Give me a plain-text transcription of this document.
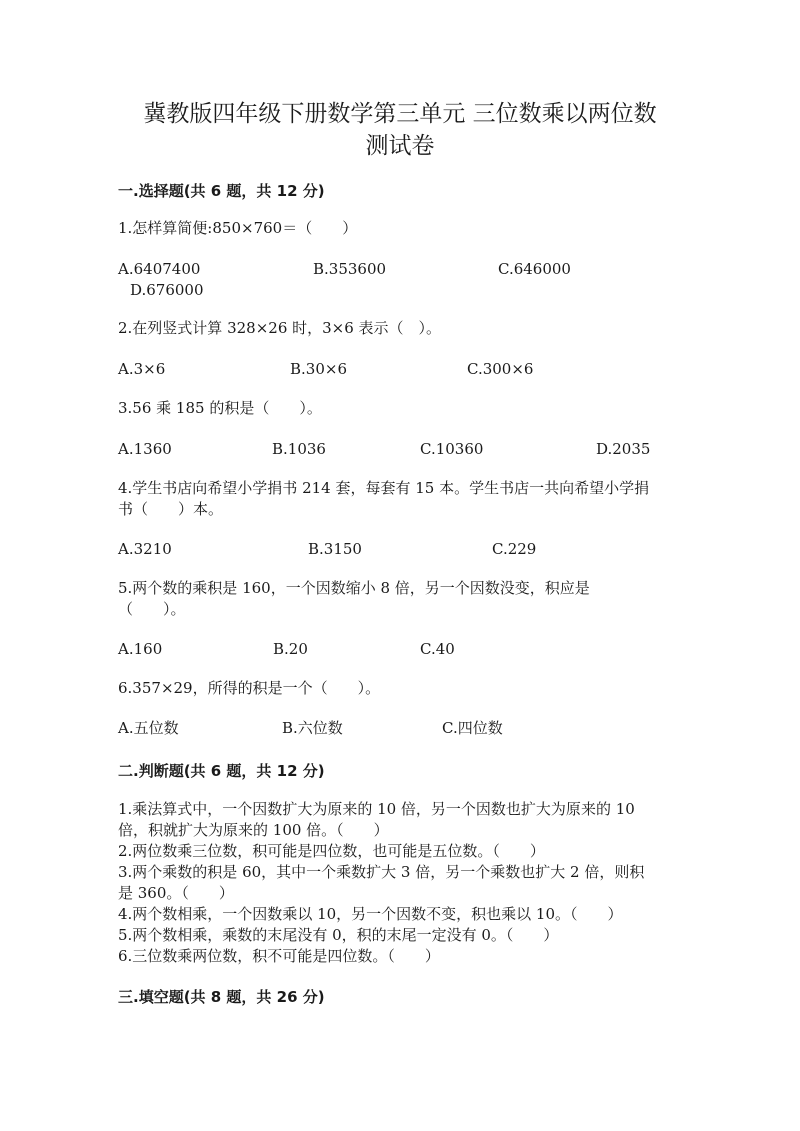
冀教版四年级下册数学第三单元 三位数乘以两位数
测试卷
一.选择题(共 6 题，共 12 分)
1.怎样算简便:850×760＝（　　）
A.6407400	B.353600	C.646000
D.676000
2.在列竖式计算 328×26 时，3×6 表示（　）。
A.3×6	B.30×6	C.300×6
3.56 乘 185 的积是（　　）。
A.1360	B.1036	C.10360	D.2035
4.学生书店向希望小学捐书 214 套，每套有 15 本。学生书店一共向希望小学捐
书（　　）本。
A.3210	B.3150	C.229
5.两个数的乘积是 160，一个因数缩小 8 倍，另一个因数没变，积应是
（　　）。
A.160	B.20	C.40
6.357×29，所得的积是一个（　　）。
A.五位数	B.六位数	C.四位数
二.判断题(共 6 题，共 12 分)
1.乘法算式中，一个因数扩大为原来的 10 倍，另一个因数也扩大为原来的 10
倍，积就扩大为原来的 100 倍。（　　）
2.两位数乘三位数，积可能是四位数，也可能是五位数。（　　）
3.两个乘数的积是 60，其中一个乘数扩大 3 倍，另一个乘数也扩大 2 倍，则积
是 360。（　　）
4.两个数相乘，一个因数乘以 10，另一个因数不变，积也乘以 10。（　　）
5.两个数相乘，乘数的末尾没有 0，积的末尾一定没有 0。（　　）
6.三位数乘两位数，积不可能是四位数。（　　）
三.填空题(共 8 题，共 26 分)
